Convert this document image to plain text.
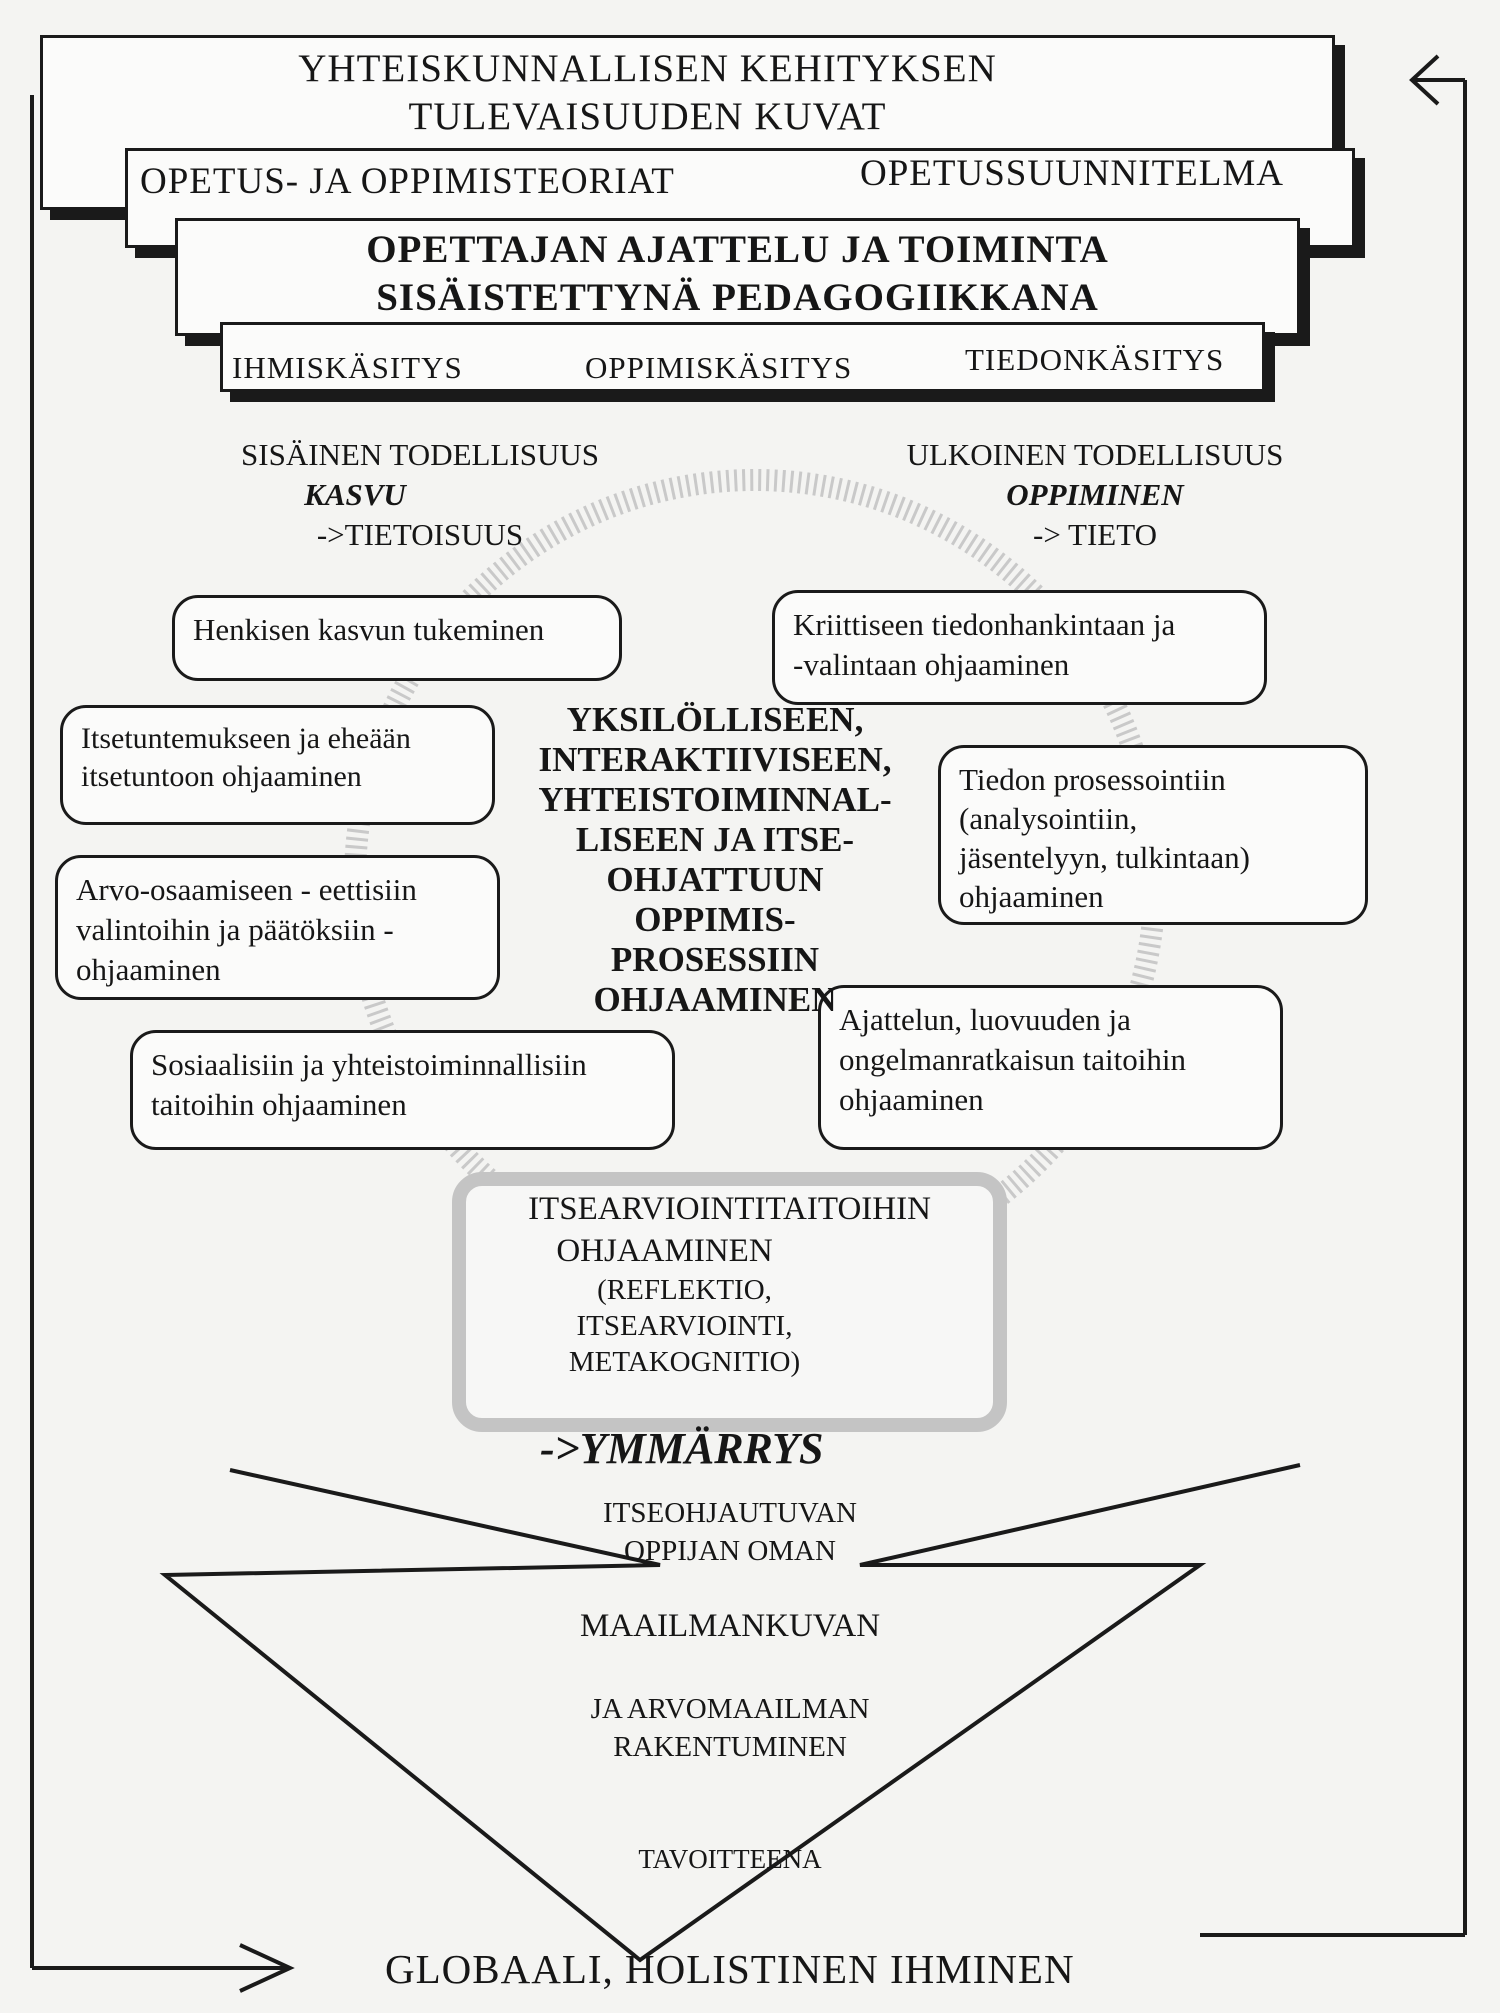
YHTEISKUNNALLISEN KEHITYKSEN
TULEVAISUUDEN KUVAT
OPETUS- JA OPPIMISTEORIAT	OPETUSSUUNNITELMA
OPETTAJAN AJATTELU JA TOIMINTA
SISÄISTETTYNÄ PEDAGOGIIKKANA
IHMISKÄSITYS	OPPIMISKÄSITYS	TIEDONKÄSITYS
SISÄINEN TODELLISUUS
KASVU
->TIETOISUUS
ULKOINEN TODELLISUUS
OPPIMINEN
-> TIETO
Henkisen kasvun tukeminen
Itsetuntemukseen ja eheään
itsetuntoon ohjaaminen
Arvo-osaamiseen - eettisiin
valintoihin ja päätöksiin -
ohjaaminen
Sosiaalisiin ja yhteistoiminnallisiin
taitoihin ohjaaminen
Kriittiseen tiedonhankintaan ja
-valintaan ohjaaminen
Tiedon prosessointiin
(analysointiin,
jäsentelyyn, tulkintaan)
ohjaaminen
Ajattelun, luovuuden ja
ongelmanratkaisun taitoihin
ohjaaminen
YKSILÖLLISEEN,
INTERAKTIIVISEEN,
YHTEISTOIMINNAL-
LISEEN JA ITSE-
OHJATTUUN
OPPIMIS-
PROSESSIIN
OHJAAMINEN
ITSEARVIOINTITAITOIHIN
OHJAAMINEN
(REFLEKTIO,
ITSEARVIOINTI,
METAKOGNITIO)
->YMMÄRRYS
ITSEOHJAUTUVAN
OPPIJAN OMAN
MAAILMANKUVAN
JA ARVOMAAILMAN
RAKENTUMINEN
TAVOITTEENA
GLOBAALI, HOLISTINEN IHMINEN
